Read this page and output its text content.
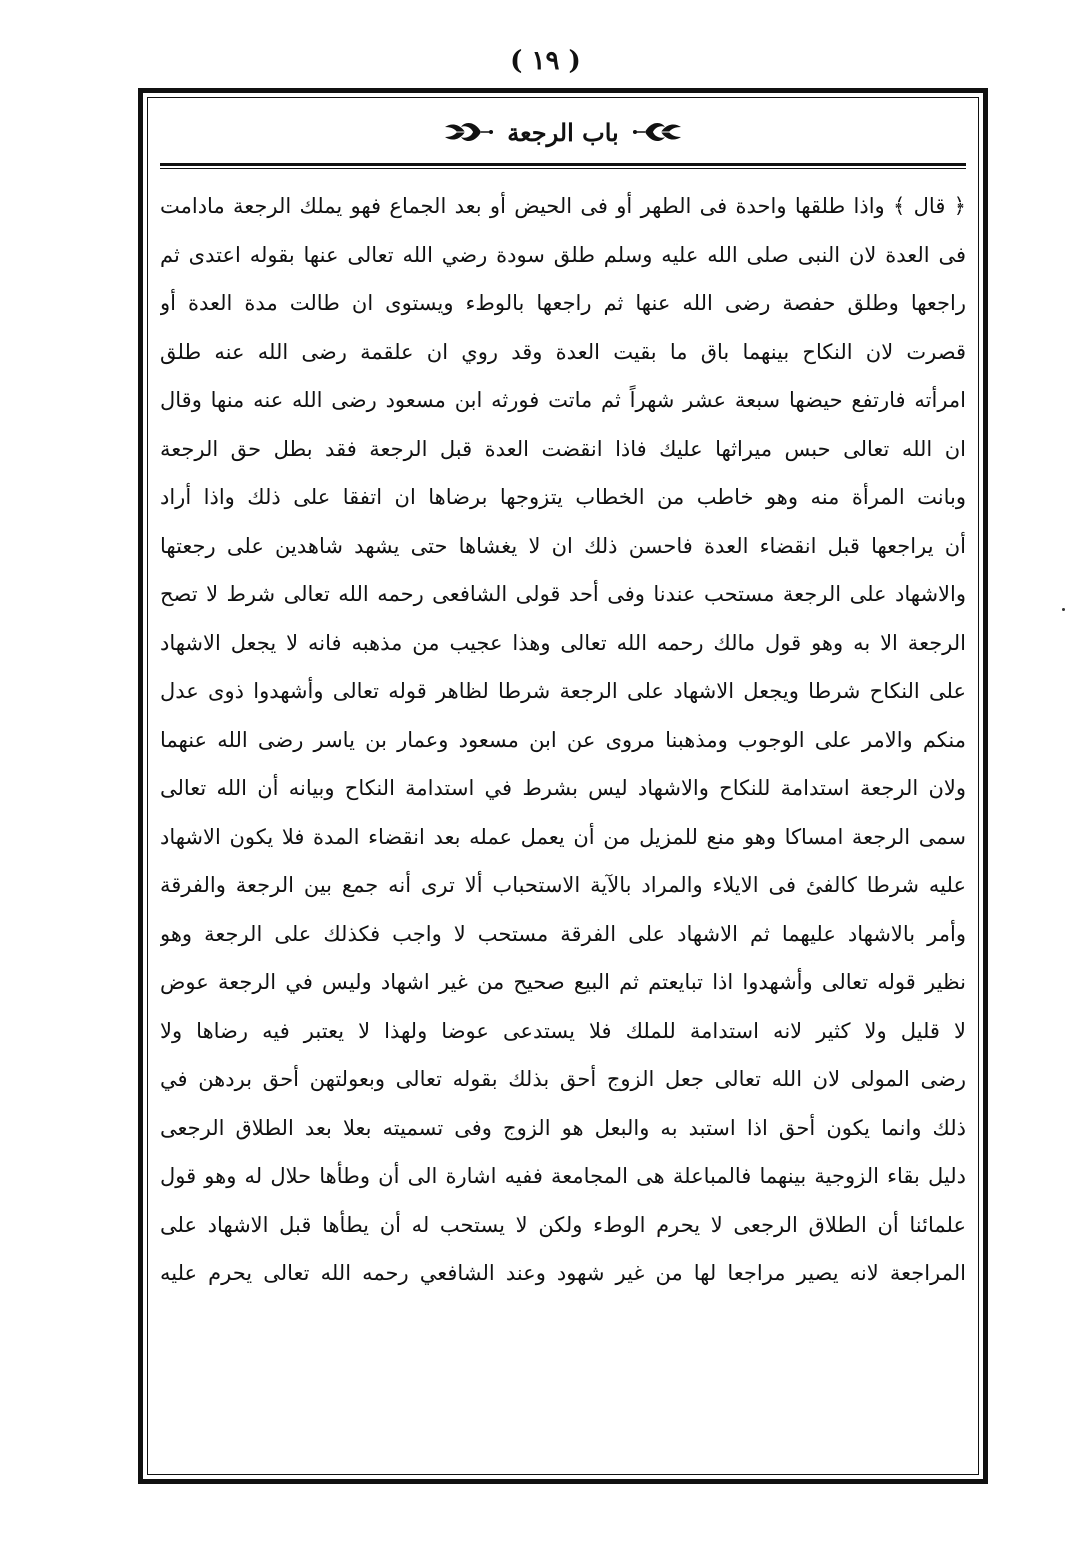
( ١٩ )
باب الرجعة
﴿ قال ﴾ واذا طلقها واحدة فى الطهر أو فى الحيض أو بعد الجماع فهو يملك الرجعة مادامت
فى العدة لان النبى صلى الله عليه وسلم طلق سودة رضي الله تعالى عنها بقوله اعتدى ثم
راجعها وطلق حفصة رضى الله عنها ثم راجعها بالوطء ويستوى ان طالت مدة العدة أو
قصرت لان النكاح بينهما باق ما بقيت العدة وقد روي ان علقمة رضى الله عنه طلق
امرأته فارتفع حيضها سبعة عشر شهراً ثم ماتت فورثه ابن مسعود رضى الله عنه منها وقال
ان الله تعالى حبس ميراثها عليك فاذا انقضت العدة قبل الرجعة فقد بطل حق الرجعة
وبانت المرأة منه وهو خاطب من الخطاب يتزوجها برضاها ان اتفقا على ذلك واذا أراد
أن يراجعها قبل انقضاء العدة فاحسن ذلك ان لا يغشاها حتى يشهد شاهدين على رجعتها
والاشهاد على الرجعة مستحب عندنا وفى أحد قولى الشافعى رحمه الله تعالى شرط لا تصح
الرجعة الا به وهو قول مالك رحمه الله تعالى وهذا عجيب من مذهبه فانه لا يجعل الاشهاد
على النكاح شرطا ويجعل الاشهاد على الرجعة شرطا لظاهر قوله تعالى وأشهدوا ذوى عدل
منكم والامر على الوجوب ومذهبنا مروى عن ابن مسعود وعمار بن ياسر رضى الله عنهما
ولان الرجعة استدامة للنكاح والاشهاد ليس بشرط في استدامة النكاح وبيانه أن الله تعالى
سمى الرجعة امساكا وهو منع للمزيل من أن يعمل عمله بعد انقضاء المدة فلا يكون الاشهاد
عليه شرطا كالفئ فى الايلاء والمراد بالآية الاستحباب ألا ترى أنه جمع بين الرجعة والفرقة
وأمر بالاشهاد عليهما ثم الاشهاد على الفرقة مستحب لا واجب فكذلك على الرجعة وهو
نظير قوله تعالى وأشهدوا اذا تبايعتم ثم البيع صحيح من غير اشهاد وليس في الرجعة عوض
لا قليل ولا كثير لانه استدامة للملك فلا يستدعى عوضا ولهذا لا يعتبر فيه رضاها ولا
رضى المولى لان الله تعالى جعل الزوج أحق بذلك بقوله تعالى وبعولتهن أحق بردهن في
ذلك وانما يكون أحق اذا استبد به والبعل هو الزوج وفى تسميته بعلا بعد الطلاق الرجعى
دليل بقاء الزوجية بينهما فالمباعلة هى المجامعة ففيه اشارة الى أن وطأها حلال له وهو قول
علمائنا أن الطلاق الرجعى لا يحرم الوطء ولكن لا يستحب له أن يطأها قبل الاشهاد على
المراجعة لانه يصير مراجعا لها من غير شهود وعند الشافعي رحمه الله تعالى يحرم عليه
